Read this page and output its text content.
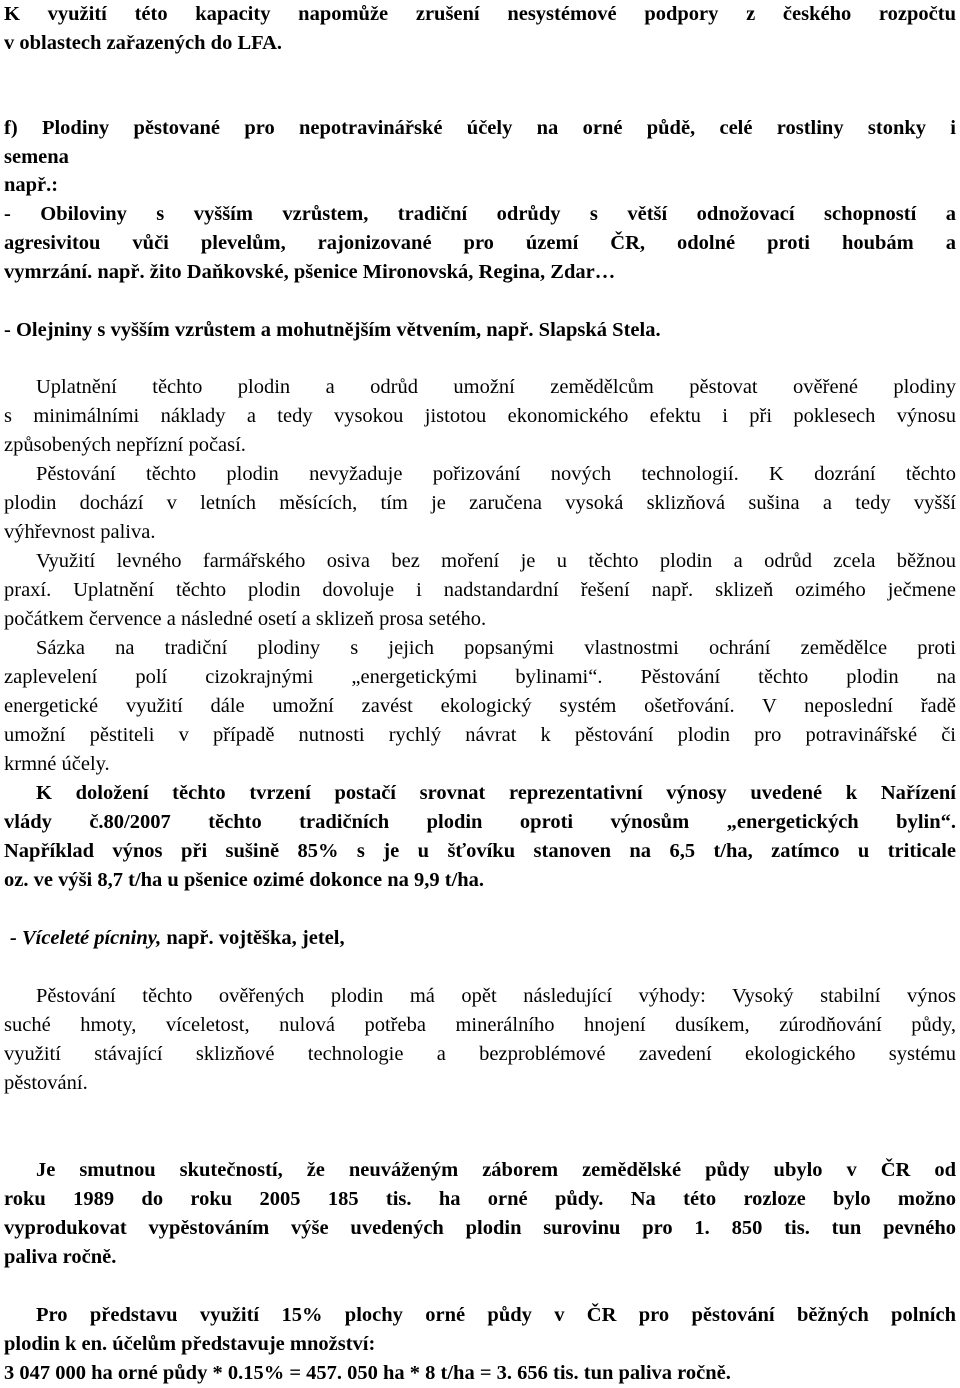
K využití této kapacity napomůže zrušení nesystémové podpory z českého rozpočtu
v oblastech zařazených do LFA.
f) Plodiny pěstované pro nepotravinářské účely na orné půdě, celé rostliny stonky i
semena
např.:
- Obiloviny s vyšším vzrůstem, tradiční odrůdy s větší odnožovací schopností a
agresivitou vůči plevelům, rajonizované pro území ČR, odolné proti houbám a
vymrzání. např. žito Daňkovské, pšenice Mironovská, Regina, Zdar…
- Olejniny s vyšším vzrůstem a mohutnějším větvením, např. Slapská Stela.
Uplatnění těchto plodin a odrůd umožní zemědělcům pěstovat ověřené plodiny
s minimálními náklady a tedy vysokou jistotou ekonomického efektu i při poklesech výnosu
způsobených nepřízní počasí.
Pěstování těchto plodin nevyžaduje pořizování nových technologií. K dozrání těchto
plodin dochází v letních měsících, tím je zaručena vysoká sklizňová sušina a tedy vyšší
výhřevnost paliva.
Využití levného farmářského osiva bez moření je u těchto plodin a odrůd zcela běžnou
praxí. Uplatnění těchto plodin dovoluje i nadstandardní řešení např. sklizeň ozimého ječmene
počátkem července a následné osetí a sklizeň prosa setého.
Sázka na tradiční plodiny s jejich popsanými vlastnostmi ochrání zemědělce proti
zaplevelení polí cizokrajnými „energetickými bylinami“. Pěstování těchto plodin na
energetické využití dále umožní zavést ekologický systém ošetřování. V neposlední řadě
umožní pěstiteli v případě nutnosti rychlý návrat k pěstování plodin pro potravinářské či
krmné účely.
K doložení těchto tvrzení postačí srovnat reprezentativní výnosy uvedené k Nařízení
vlády č.80/2007 těchto tradičních plodin oproti výnosům „energetických bylin“.
Například výnos při sušině 85% s je u šťovíku stanoven na 6,5 t/ha, zatímco u triticale
oz. ve výši 8,7 t/ha u pšenice ozimé dokonce na 9,9 t/ha.
- Víceleté pícniny, např. vojtěška, jetel,
Pěstování těchto ověřených plodin má opět následující výhody: Vysoký stabilní výnos
suché hmoty, víceletost, nulová potřeba minerálního hnojení dusíkem, zúrodňování půdy,
využití stávající sklizňové technologie a bezproblémové zavedení ekologického systému
pěstování.
Je smutnou skutečností, že neuváženým záborem zemědělské půdy ubylo v ČR od
roku 1989 do roku 2005 185 tis. ha orné půdy. Na této rozloze bylo možno
vyprodukovat vypěstováním výše uvedených plodin surovinu pro 1. 850 tis. tun pevného
paliva ročně.
Pro představu využití 15% plochy orné půdy v ČR pro pěstování běžných polních
plodin k en. účelům představuje množství:
3 047 000 ha orné půdy * 0.15% = 457. 050 ha * 8 t/ha = 3. 656 tis. tun paliva ročně.
